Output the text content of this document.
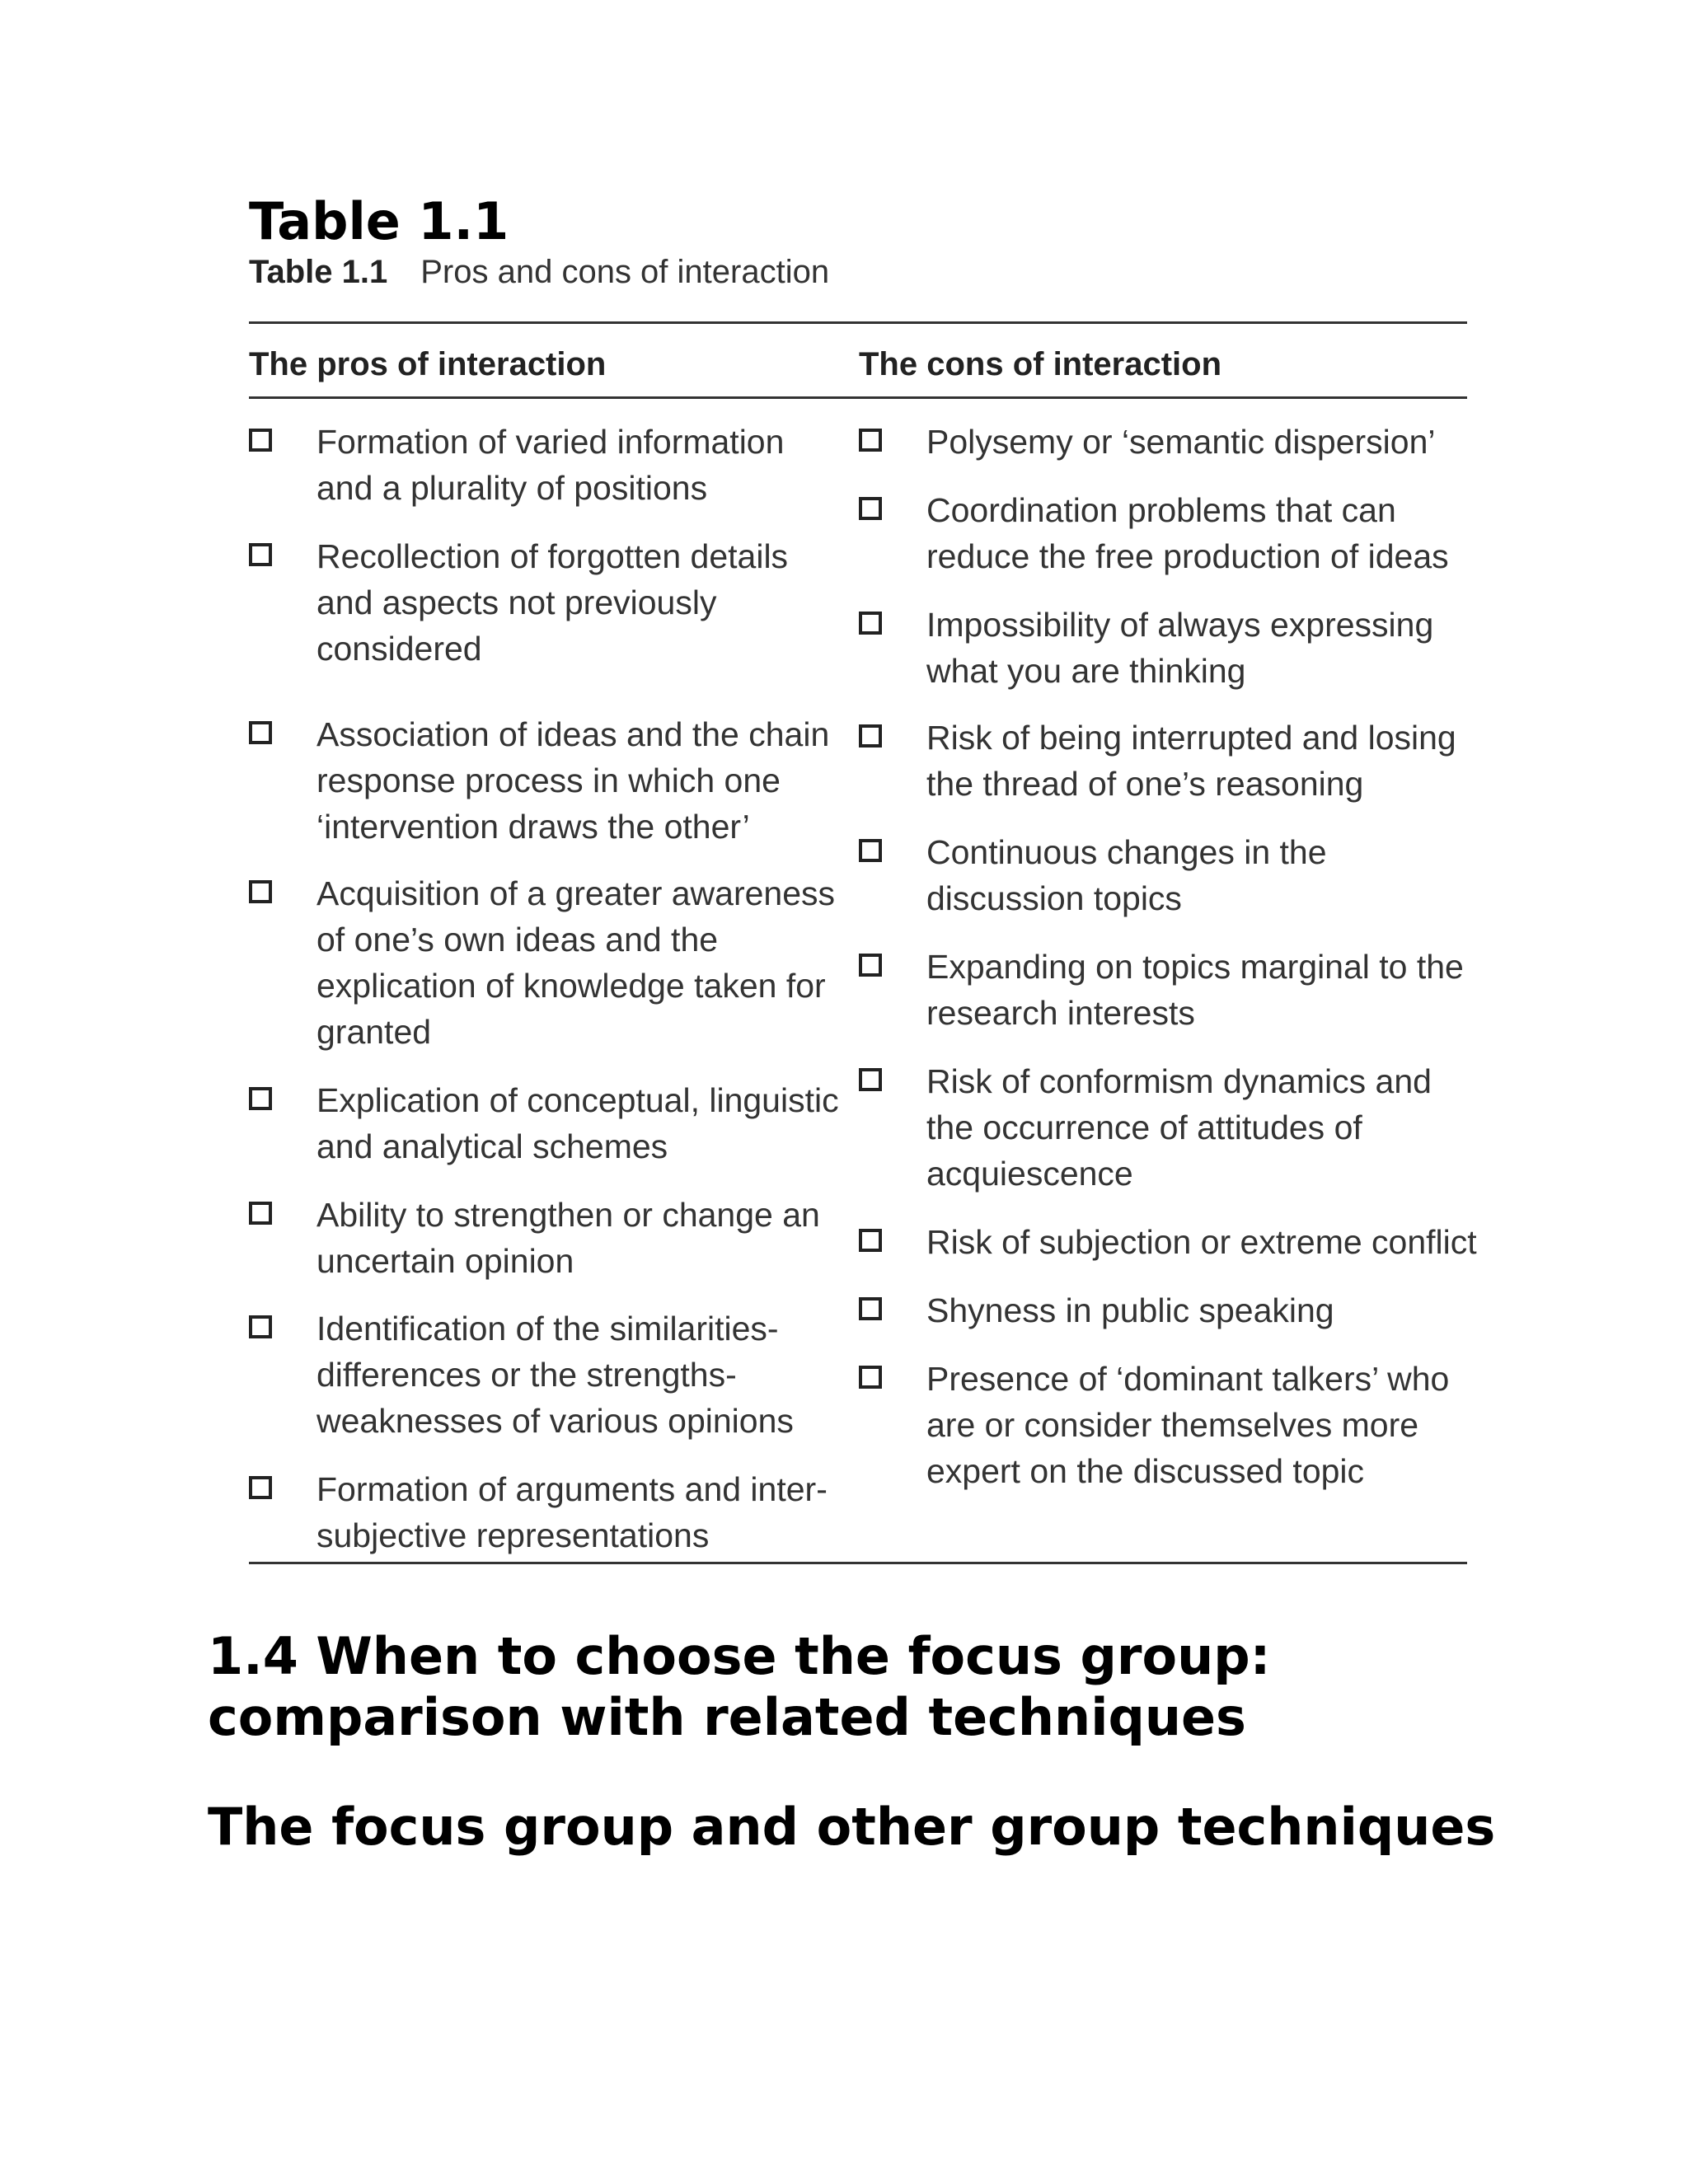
Table 1.1
Table 1.1 Pros and cons of interaction
The pros of interaction	The cons of interaction
Formation of varied information and a plurality of positions
Recollection of forgotten details and aspects not previously considered
Association of ideas and the chain response process in which one ‘intervention draws the other’
Acquisition of a greater awareness of one’s own ideas and the explication of knowledge taken for granted
Explication of conceptual, linguistic and analytical schemes
Ability to strengthen or change an uncertain opinion
Identification of the similarities-differences or the strengths-weaknesses of various opinions
Formation of arguments and inter-subjective representations
Polysemy or ‘semantic dispersion’
Coordination problems that can reduce the free production of ideas
Impossibility of always expressing what you are thinking
Risk of being interrupted and losing the thread of one’s reasoning
Continuous changes in the discussion topics
Expanding on topics marginal to the research interests
Risk of conformism dynamics and the occurrence of attitudes of acquiescence
Risk of subjection or extreme conflict
Shyness in public speaking
Presence of ‘dominant talkers’ who are or consider themselves more expert on the discussed topic
1.4 When to choose the focus group: comparison with related techniques
The focus group and other group techniques
